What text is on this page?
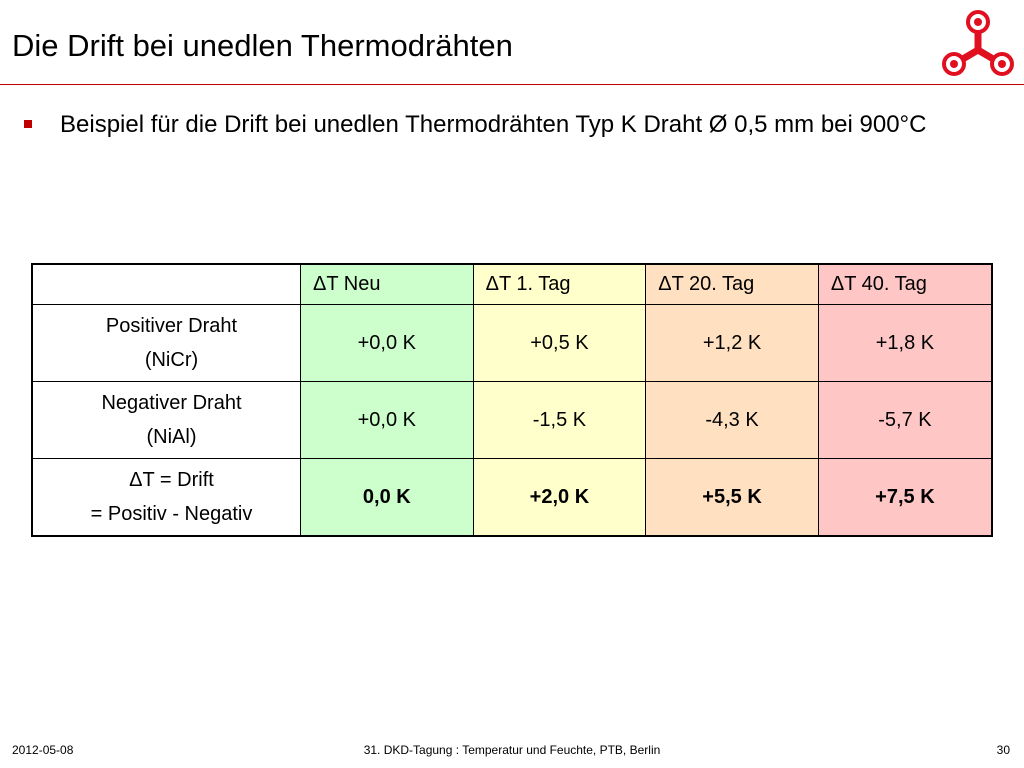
Die Drift bei unedlen Thermodrähten
Beispiel für die Drift bei unedlen Thermodrähten Typ K Draht Ø 0,5 mm bei 900°C
	ΔT Neu	ΔT 1. Tag	ΔT 20. Tag	ΔT 40. Tag

Positiver Draht
(NiCr)	+0,0 K	+0,5 K	+1,2 K	+1,8 K

Negativer Draht
(NiAl)	+0,0 K	-1,5 K	-4,3 K	-5,7 K

ΔT = Drift
= Positiv - Negativ	0,0 K	+2,0 K	+5,5 K	+7,5 K
2012-05-08	31. DKD-Tagung : Temperatur und Feuchte, PTB, Berlin	30
